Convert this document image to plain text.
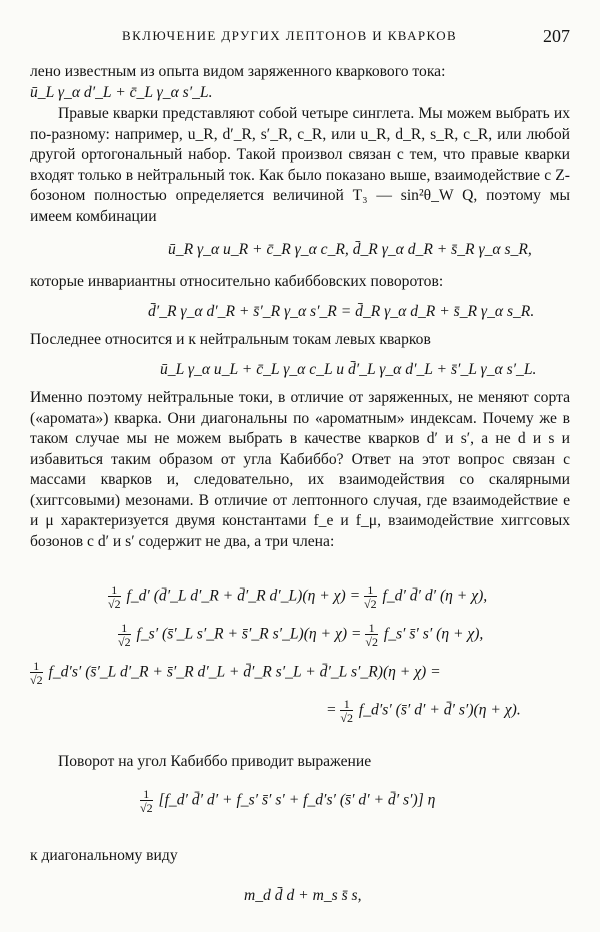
ВКЛЮЧЕНИЕ ДРУГИХ ЛЕПТОНОВ И КВАРКОВ	207
лено известным из опыта видом заряженного кваркового тока:
ū_L γ_α d′_L + c̄_L γ_α s′_L.
Правые кварки представляют собой четыре синглета. Мы можем выбрать их по-разному: например, u_R, d′_R, s′_R, c_R, или u_R, d_R, s_R, c_R, или любой другой ортогональный набор. Такой произвол связан с тем, что правые кварки входят только в нейтральный ток. Как было показано выше, взаимодействие с Z-бозоном полностью определяется величиной T₃ — sin²θ_W Q, поэтому мы имеем комбинации
ū_R γ_α u_R + c̄_R γ_α c_R, d̄_R γ_α d_R + s̄_R γ_α s_R,
которые инвариантны относительно кабиббовских поворотов:
d̄′_R γ_α d′_R + s̄′_R γ_α s′_R = d̄_R γ_α d_R + s̄_R γ_α s_R.
Последнее относится и к нейтральным токам левых кварков
ū_L γ_α u_L + c̄_L γ_α c_L и d̄′_L γ_α d′_L + s̄′_L γ_α s′_L.
Именно поэтому нейтральные токи, в отличие от заряженных, не меняют сорта («аромата») кварка. Они диагональны по «ароматным» индексам. Почему же в таком случае мы не можем выбрать в качестве кварков d′ и s′, а не d и s и избавиться таким образом от угла Кабиббо? Ответ на этот вопрос связан с массами кварков и, следовательно, их взаимодействия со скалярными (хиггсовыми) мезонами. В отличие от лептонного случая, где взаимодействие e и μ характеризуется двумя константами f_e и f_μ, взаимодействие хиггсовых бозонов с d′ и s′ содержит не два, а три члена:
$\frac{1}{√2}$ f_d′ (d̄′_L d′_R + d̄′_R d′_L)(η + $\chi) = \frac{1}{√2}$ f_d′ d̄′ d′ (η + χ),
$\frac{1}{√2}$ f_s′ (s̄′_L s′_R + s̄′_R s′_L)(η + $\chi) = \frac{1}{√2}$ f_s′ s̄′ s′ (η + χ),
$\frac{1}{√2}$ f_d′s′ (s̄′_L d′_R + s̄′_R d′_L + d̄′_R s′_L + d̄′_L s′_R)(η + χ) =
= $\frac{1}{√2}$ f_d′s′ (s̄′ d′ + d̄′ s′)(η + χ).
Поворот на угол Кабиббо приводит выражение
$\frac{1}{√2}$ [f_d′ d̄′ d′ + f_s′ s̄′ s′ + f_d′s′ (s̄′ d′ + d̄′ s′)] η
к диагональному виду
m_d d̄ d + m_s s̄ s,
